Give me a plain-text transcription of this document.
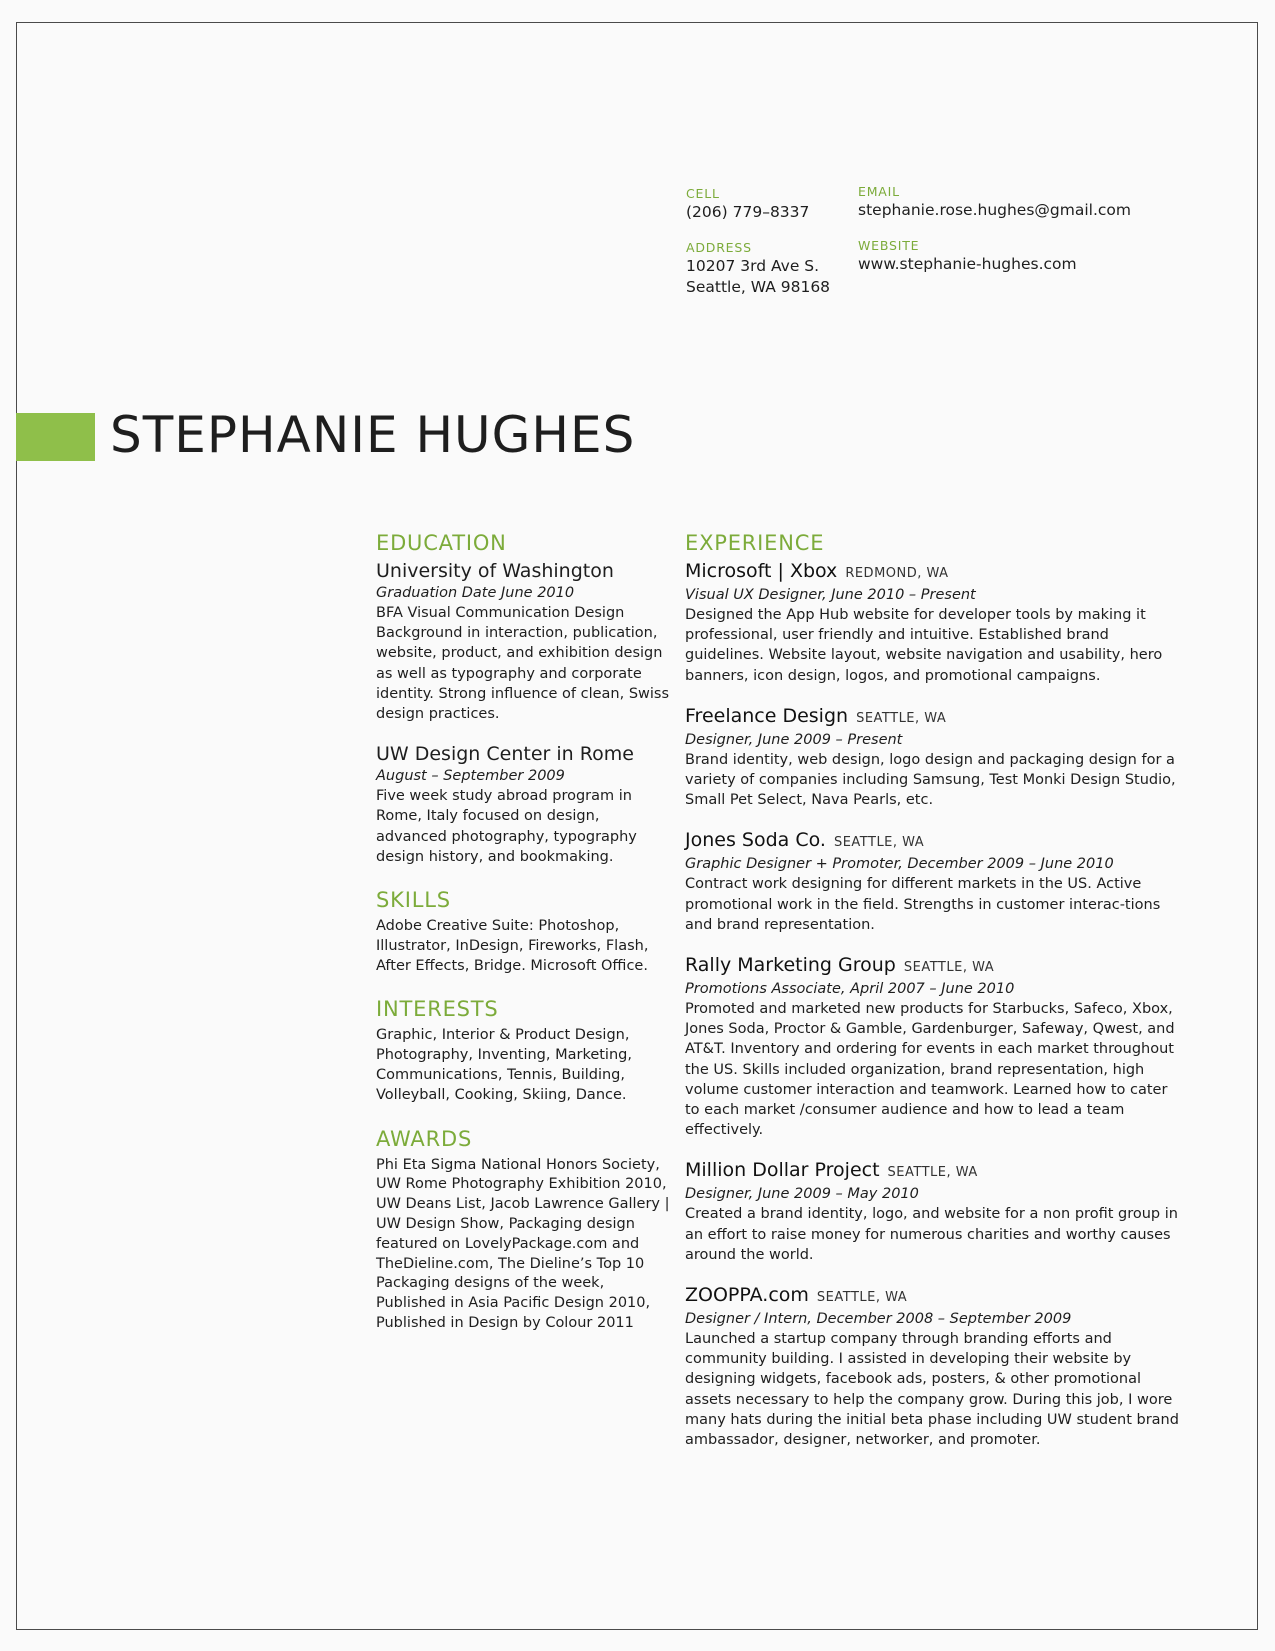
CELL
(206) 779–8337
EMAIL
stephanie.rose.hughes@gmail.com
ADDRESS
10207 3rd Ave S.
Seattle, WA 98168
WEBSITE
www.stephanie-hughes.com
STEPHANIE HUGHES
EDUCATION

University of Washington

Graduation Date June 2010

BFA Visual Communication Design Background in interaction, publication, website, product, and exhibition design as well as typography and corporate identity. Strong influence of clean, Swiss design practices.

UW Design Center in Rome

August – September 2009

Five week study abroad program in Rome, Italy focused on design, advanced photography, typography design history, and bookmaking.

SKILLS

Adobe Creative Suite: Photoshop, Illustrator, InDesign, Fireworks, Flash, After Effects, Bridge. Microsoft Office.

INTERESTS

Graphic, Interior & Product Design, Photography, Inventing, Marketing, Communications, Tennis, Building, Volleyball, Cooking, Skiing, Dance.

AWARDS

Phi Eta Sigma National Honors Society, UW Rome Photography Exhibition 2010, UW Deans List, Jacob Lawrence Gallery | UW Design Show, Packaging design featured on LovelyPackage.com and TheDieline.com, The Dieline’s Top 10 Packaging designs of the week, Published in Asia Pacific Design 2010, Published in Design by Colour 2011

EXPERIENCE

Microsoft | Xbox REDMOND, WA

Visual UX Designer, June 2010 – Present

Designed the App Hub website for developer tools by making it professional, user friendly and intuitive. Established brand guidelines. Website layout, website navigation and usability, hero banners, icon design, logos, and promotional campaigns.

Freelance Design SEATTLE, WA

Designer, June 2009 – Present

Brand identity, web design, logo design and packaging design for a variety of companies including Samsung, Test Monki Design Studio, Small Pet Select, Nava Pearls, etc.

Jones Soda Co. SEATTLE, WA

Graphic Designer + Promoter, December 2009 – June 2010

Contract work designing for different markets in the US. Active promotional work in the field. Strengths in customer interac-tions and brand representation.

Rally Marketing Group SEATTLE, WA

Promotions Associate, April 2007 – June 2010

Promoted and marketed new products for Starbucks, Safeco, Xbox, Jones Soda, Proctor & Gamble, Gardenburger, Safeway, Qwest, and AT&T. Inventory and ordering for events in each market throughout the US. Skills included organization, brand representation, high volume customer interaction and teamwork. Learned how to cater to each market /consumer audience and how to lead a team effectively.

Million Dollar Project SEATTLE, WA

Designer, June 2009 – May 2010

Created a brand identity, logo, and website for a non profit group in an effort to raise money for numerous charities and worthy causes around the world.

ZOOPPA.com SEATTLE, WA

Designer / Intern, December 2008 – September 2009

Launched a startup company through branding efforts and community building. I assisted in developing their website by designing widgets, facebook ads, posters, & other promotional assets necessary to help the company grow. During this job, I wore many hats during the initial beta phase including UW student brand ambassador, designer, networker, and promoter.
